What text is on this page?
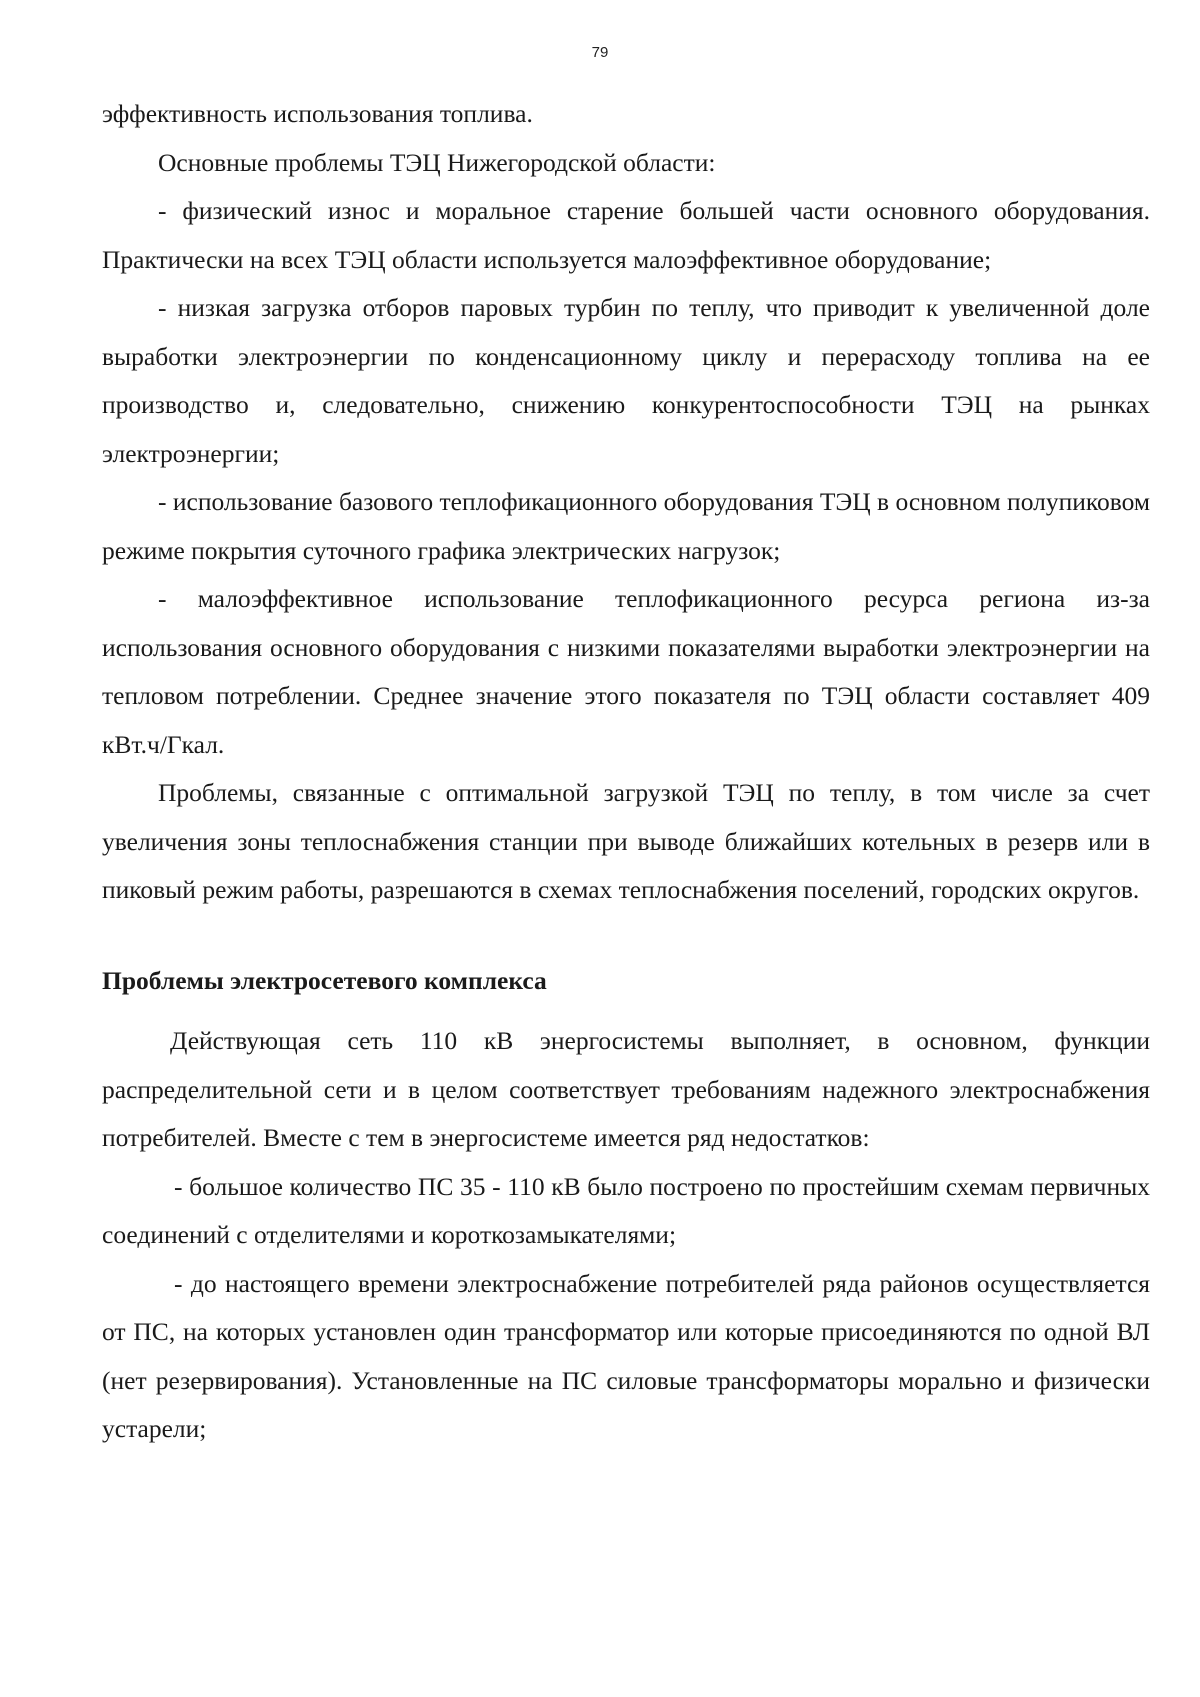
79

эффективность использования топлива.

Основные проблемы ТЭЦ Нижегородской области:

- физический износ и моральное старение большей части основного оборудования. Практически на всех ТЭЦ области используется малоэффективное оборудование;

- низкая загрузка отборов паровых турбин по теплу, что приводит к увеличенной доле выработки электроэнергии по конденсационному циклу и перерасходу топлива на ее производство и, следовательно, снижению конкурентоспособности ТЭЦ на рынках электроэнергии;

- использование базового теплофикационного оборудования ТЭЦ в основном полупиковом режиме покрытия суточного графика электрических нагрузок;

- малоэффективное использование теплофикационного ресурса региона из-за использования основного оборудования с низкими показателями выработки электроэнергии на тепловом потреблении. Среднее значение этого показателя по ТЭЦ области составляет 409 кВт.ч/Гкал.

Проблемы, связанные с оптимальной загрузкой ТЭЦ по теплу, в том числе за счет увеличения зоны теплоснабжения станции при выводе ближайших котельных в резерв или в пиковый режим работы, разрешаются в схемах теплоснабжения поселений, городских округов.

Проблемы электросетевого комплекса

Действующая сеть 110 кВ энергосистемы выполняет, в основном, функции распределительной сети и в целом соответствует требованиям надежного электроснабжения потребителей. Вместе с тем в энергосистеме имеется ряд недостатков:

- большое количество ПС 35 - 110 кВ было построено по простейшим схемам первичных соединений с отделителями и короткозамыкателями;

- до настоящего времени электроснабжение потребителей ряда районов осуществляется от ПС, на которых установлен один трансформатор или которые присоединяются по одной ВЛ (нет резервирования). Установленные на ПС силовые трансформаторы морально и физически устарели;
